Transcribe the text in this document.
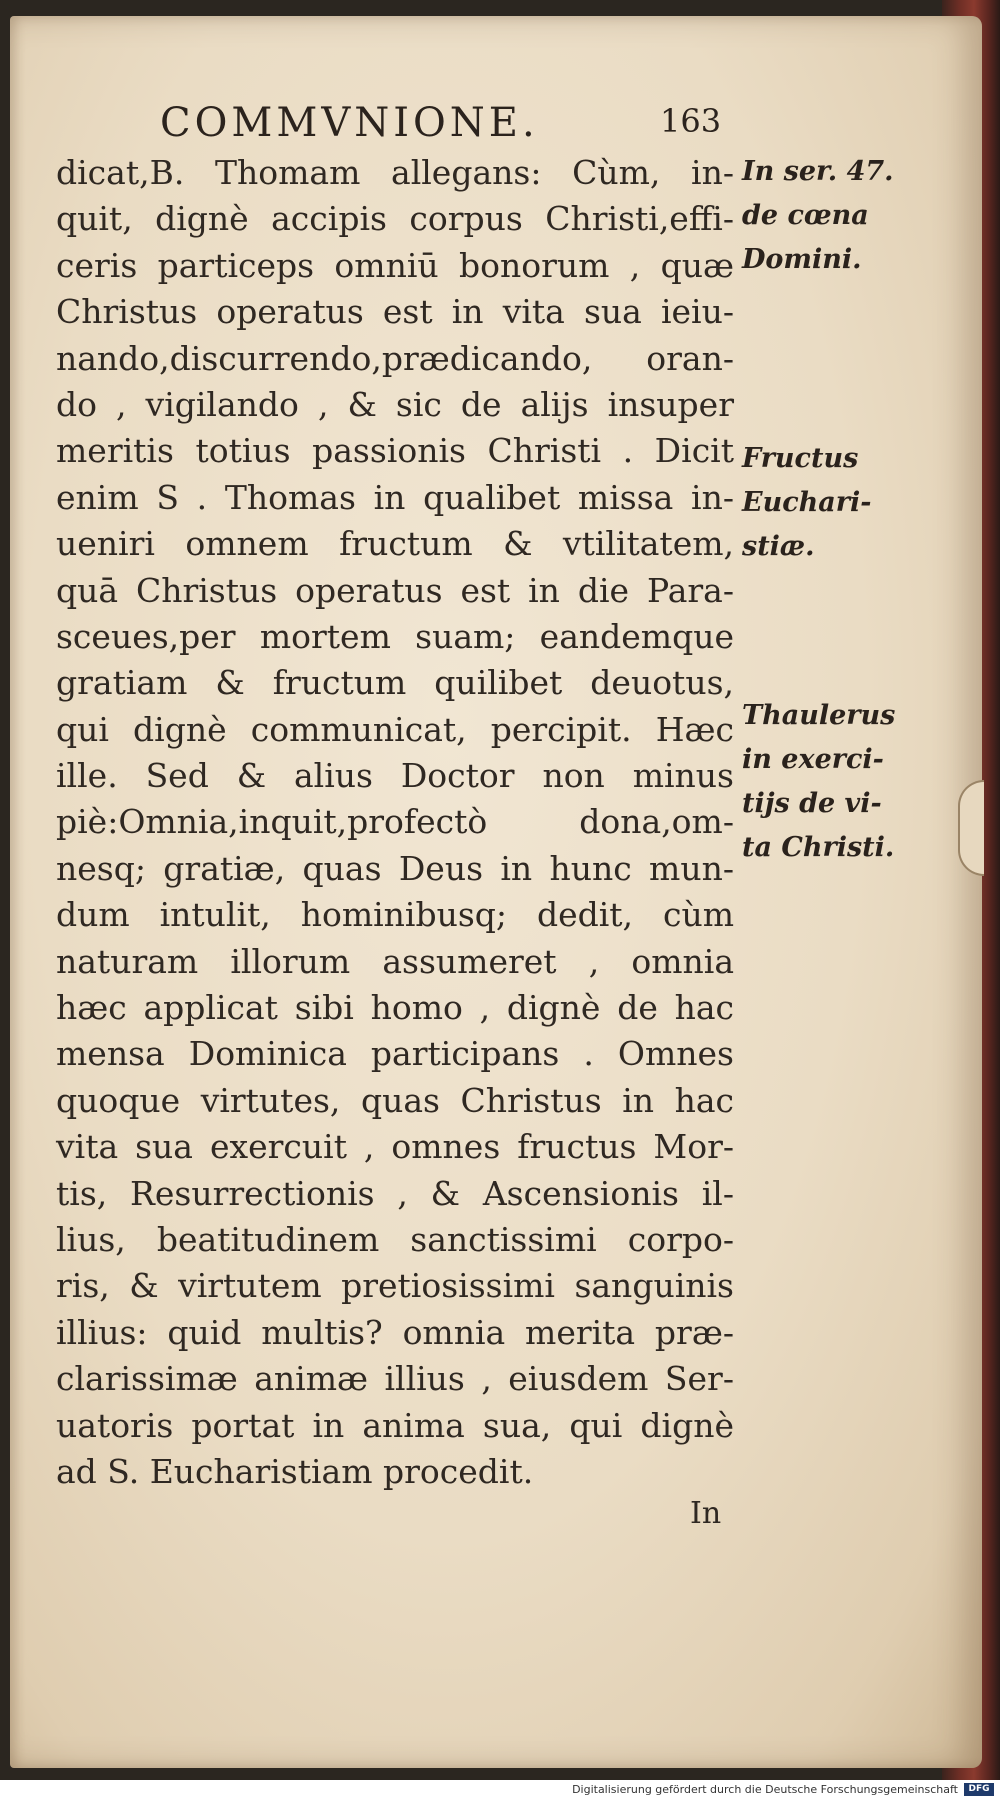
COMMVNIONE.	163
dicat,B. Thomam allegans: Cùm, in-
quit, dignè accipis corpus Christi,effi-
ceris particeps omniū bonorum , quæ
Christus operatus est in vita sua ieiu-
nando,discurrendo,prædicando, oran-
do , vigilando , & sic de alijs insuper
meritis totius passionis Christi . Dicit
enim S . Thomas in qualibet missa in-
ueniri omnem fructum & vtilitatem,
quā Christus operatus est in die Para-
sceues,per mortem suam; eandemque
gratiam & fructum quilibet deuotus,
qui dignè communicat, percipit. Hæc
ille. Sed & alius Doctor non minus
piè:Omnia,inquit,profectò dona,om-
nesq; gratiæ, quas Deus in hunc mun-
dum intulit, hominibusq; dedit, cùm
naturam illorum assumeret , omnia
hæc applicat sibi homo , dignè de hac
mensa Dominica participans . Omnes
quoque virtutes, quas Christus in hac
vita sua exercuit , omnes fructus Mor-
tis, Resurrectionis , & Ascensionis il-
lius, beatitudinem sanctissimi corpo-
ris, & virtutem pretiosissimi sanguinis
illius: quid multis? omnia merita præ-
clarissimæ animæ illius , eiusdem Ser-
uatoris portat in anima sua, qui dignè
ad S. Eucharistiam procedit.
In ser. 47.
de cœna
Domini.
Fructus
Euchari-
stiæ.
Thaulerus
in exerci-
tijs de vi-
ta Christi.
In
Digitalisierung gefördert durch die Deutsche Forschungsgemeinschaft	DFG
